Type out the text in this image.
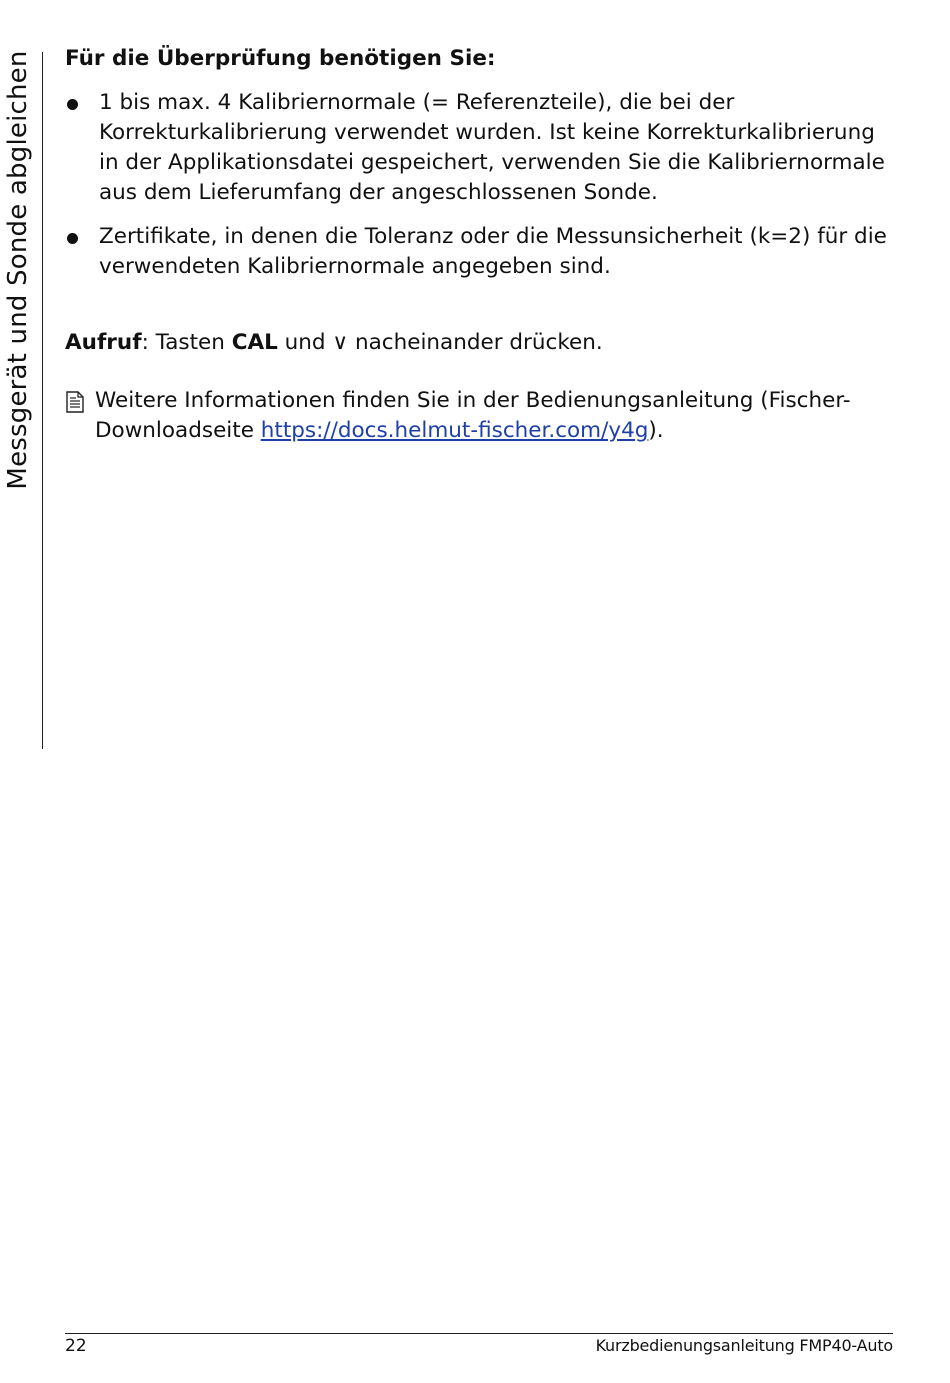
Messgerät und Sonde abgleichen Für die Überprüfung benötigen Sie:
1 bis max. 4 Kalibriernormale (= Referenzteile), die bei der Korrekturkalibrierung verwendet wurden. Ist keine Korrekturkalibrierung in der Applikationsdatei gespeichert, verwenden Sie die Kalibriernormale aus dem Lieferumfang der angeschlossenen Sonde.
Zertifikate, in denen die Toleranz oder die Messunsicherheit (k=2) für die verwendeten Kalibriernormale angegeben sind.
Aufruf: Tasten CAL und ∨ nacheinander drücken.
Weitere Informationen finden Sie in der Bedienungsanleitung (Fischer-Downloadseite https://docs.helmut-fischer.com/y4g).
22	Kurzbedienungsanleitung FMP40-Auto
